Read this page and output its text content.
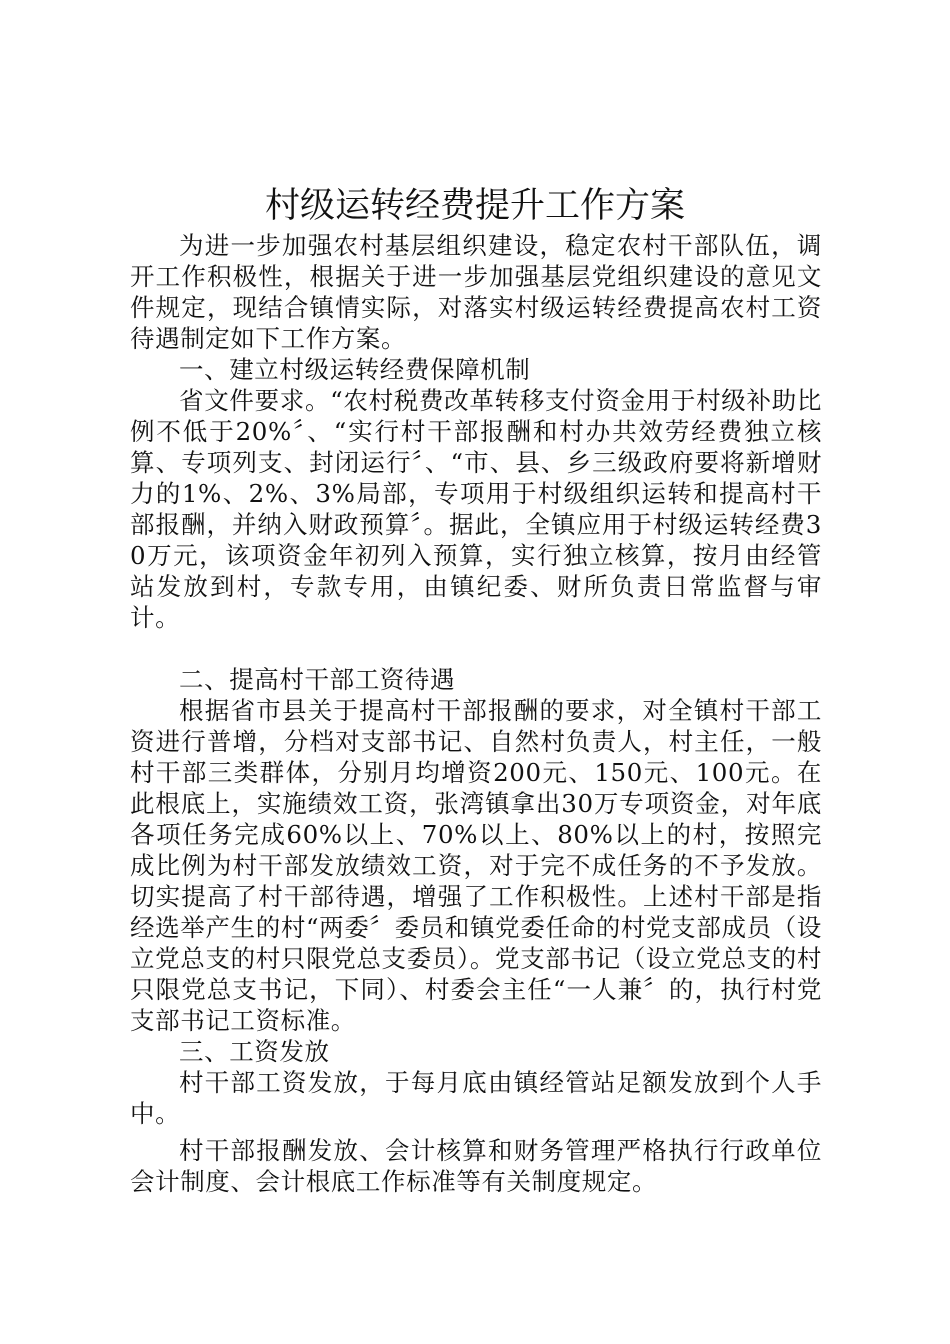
村级运转经费提升工作方案

为进一步加强农村基层组织建设，稳定农村干部队伍，调开工作积极性，根据关于进一步加强基层党组织建设的意见文件规定，现结合镇情实际，对落实村级运转经费提高农村工资待遇制定如下工作方案。

一、建立村级运转经费保障机制

省文件要求。“农村税费改革转移支付资金用于村级补助比例不低于20%〞、“实行村干部报酬和村办共效劳经费独立核算、专项列支、封闭运行〞、“市、县、乡三级政府要将新增财力的1%、2%、3%局部，专项用于村级组织运转和提高村干部报酬，并纳入财政预算〞。据此，全镇应用于村级运转经费30万元，该项资金年初列入预算，实行独立核算，按月由经管站发放到村，专款专用，由镇纪委、财所负责日常监督与审计。

二、提高村干部工资待遇

根据省市县关于提高村干部报酬的要求，对全镇村干部工资进行普增，分档对支部书记、自然村负责人，村主任，一般村干部三类群体，分别月均增资200元、150元、100元。在此根底上，实施绩效工资，张湾镇拿出30万专项资金，对年底各项任务完成60%以上、70%以上、80%以上的村，按照完成比例为村干部发放绩效工资，对于完不成任务的不予发放。切实提高了村干部待遇，增强了工作积极性。上述村干部是指经选举产生的村“两委〞委员和镇党委任命的村党支部成员（设立党总支的村只限党总支委员）。党支部书记（设立党总支的村只限党总支书记，下同）、村委会主任“一人兼〞的，执行村党支部书记工资标准。

三、工资发放

村干部工资发放，于每月底由镇经管站足额发放到个人手中。

村干部报酬发放、会计核算和财务管理严格执行行政单位会计制度、会计根底工作标准等有关制度规定。
